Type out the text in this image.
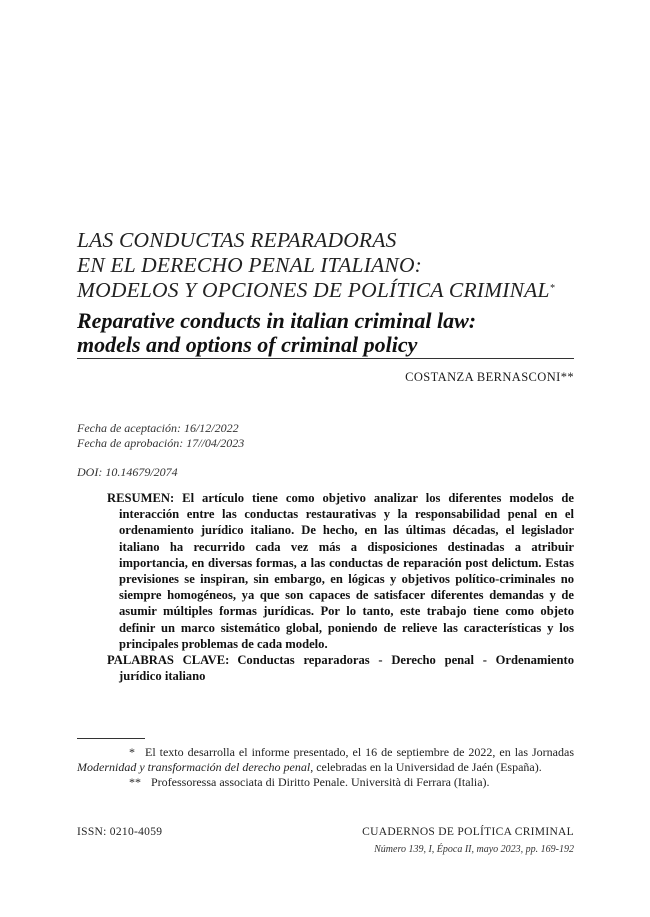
LAS CONDUCTAS REPARADORAS
EN EL DERECHO PENAL ITALIANO:
MODELOS Y OPCIONES DE POLÍTICA CRIMINAL*
Reparative conducts in italian criminal law:
models and options of criminal policy
COSTANZA BERNASCONI**
Fecha de aceptación: 16/12/2022
Fecha de aprobación: 17//04/2023
DOI: 10.14679/2074

RESUMEN: El artículo tiene como objetivo analizar los diferentes modelos de interacción entre las conductas restaurativas y la responsabilidad penal en el ordenamiento jurídico italiano. De hecho, en las últimas décadas, el legislador italiano ha recurrido cada vez más a disposiciones destinadas a atribuir importancia, en diversas formas, a las conductas de reparación post delictum. Estas previsiones se inspiran, sin embargo, en lógicas y objetivos político-criminales no siempre homogéneos, ya que son capaces de satisfacer diferentes demandas y de asumir múltiples formas jurídicas. Por lo tanto, este trabajo tiene como objeto definir un marco sistemático global, poniendo de relieve las características y los principales problemas de cada modelo.

PALABRAS CLAVE: Conductas reparadoras - Derecho penal - Ordenamiento jurídico italiano

* El texto desarrolla el informe presentado, el 16 de septiembre de 2022, en las Jornadas Modernidad y transformación del derecho penal, celebradas en la Universidad de Jaén (España).

** Professoressa associata di Diritto Penale. Università di Ferrara (Italia).

ISSN: 0210-4059	CUADERNOS DE POLÍTICA CRIMINAL
Número 139, I, Época II, mayo 2023, pp. 169-192
